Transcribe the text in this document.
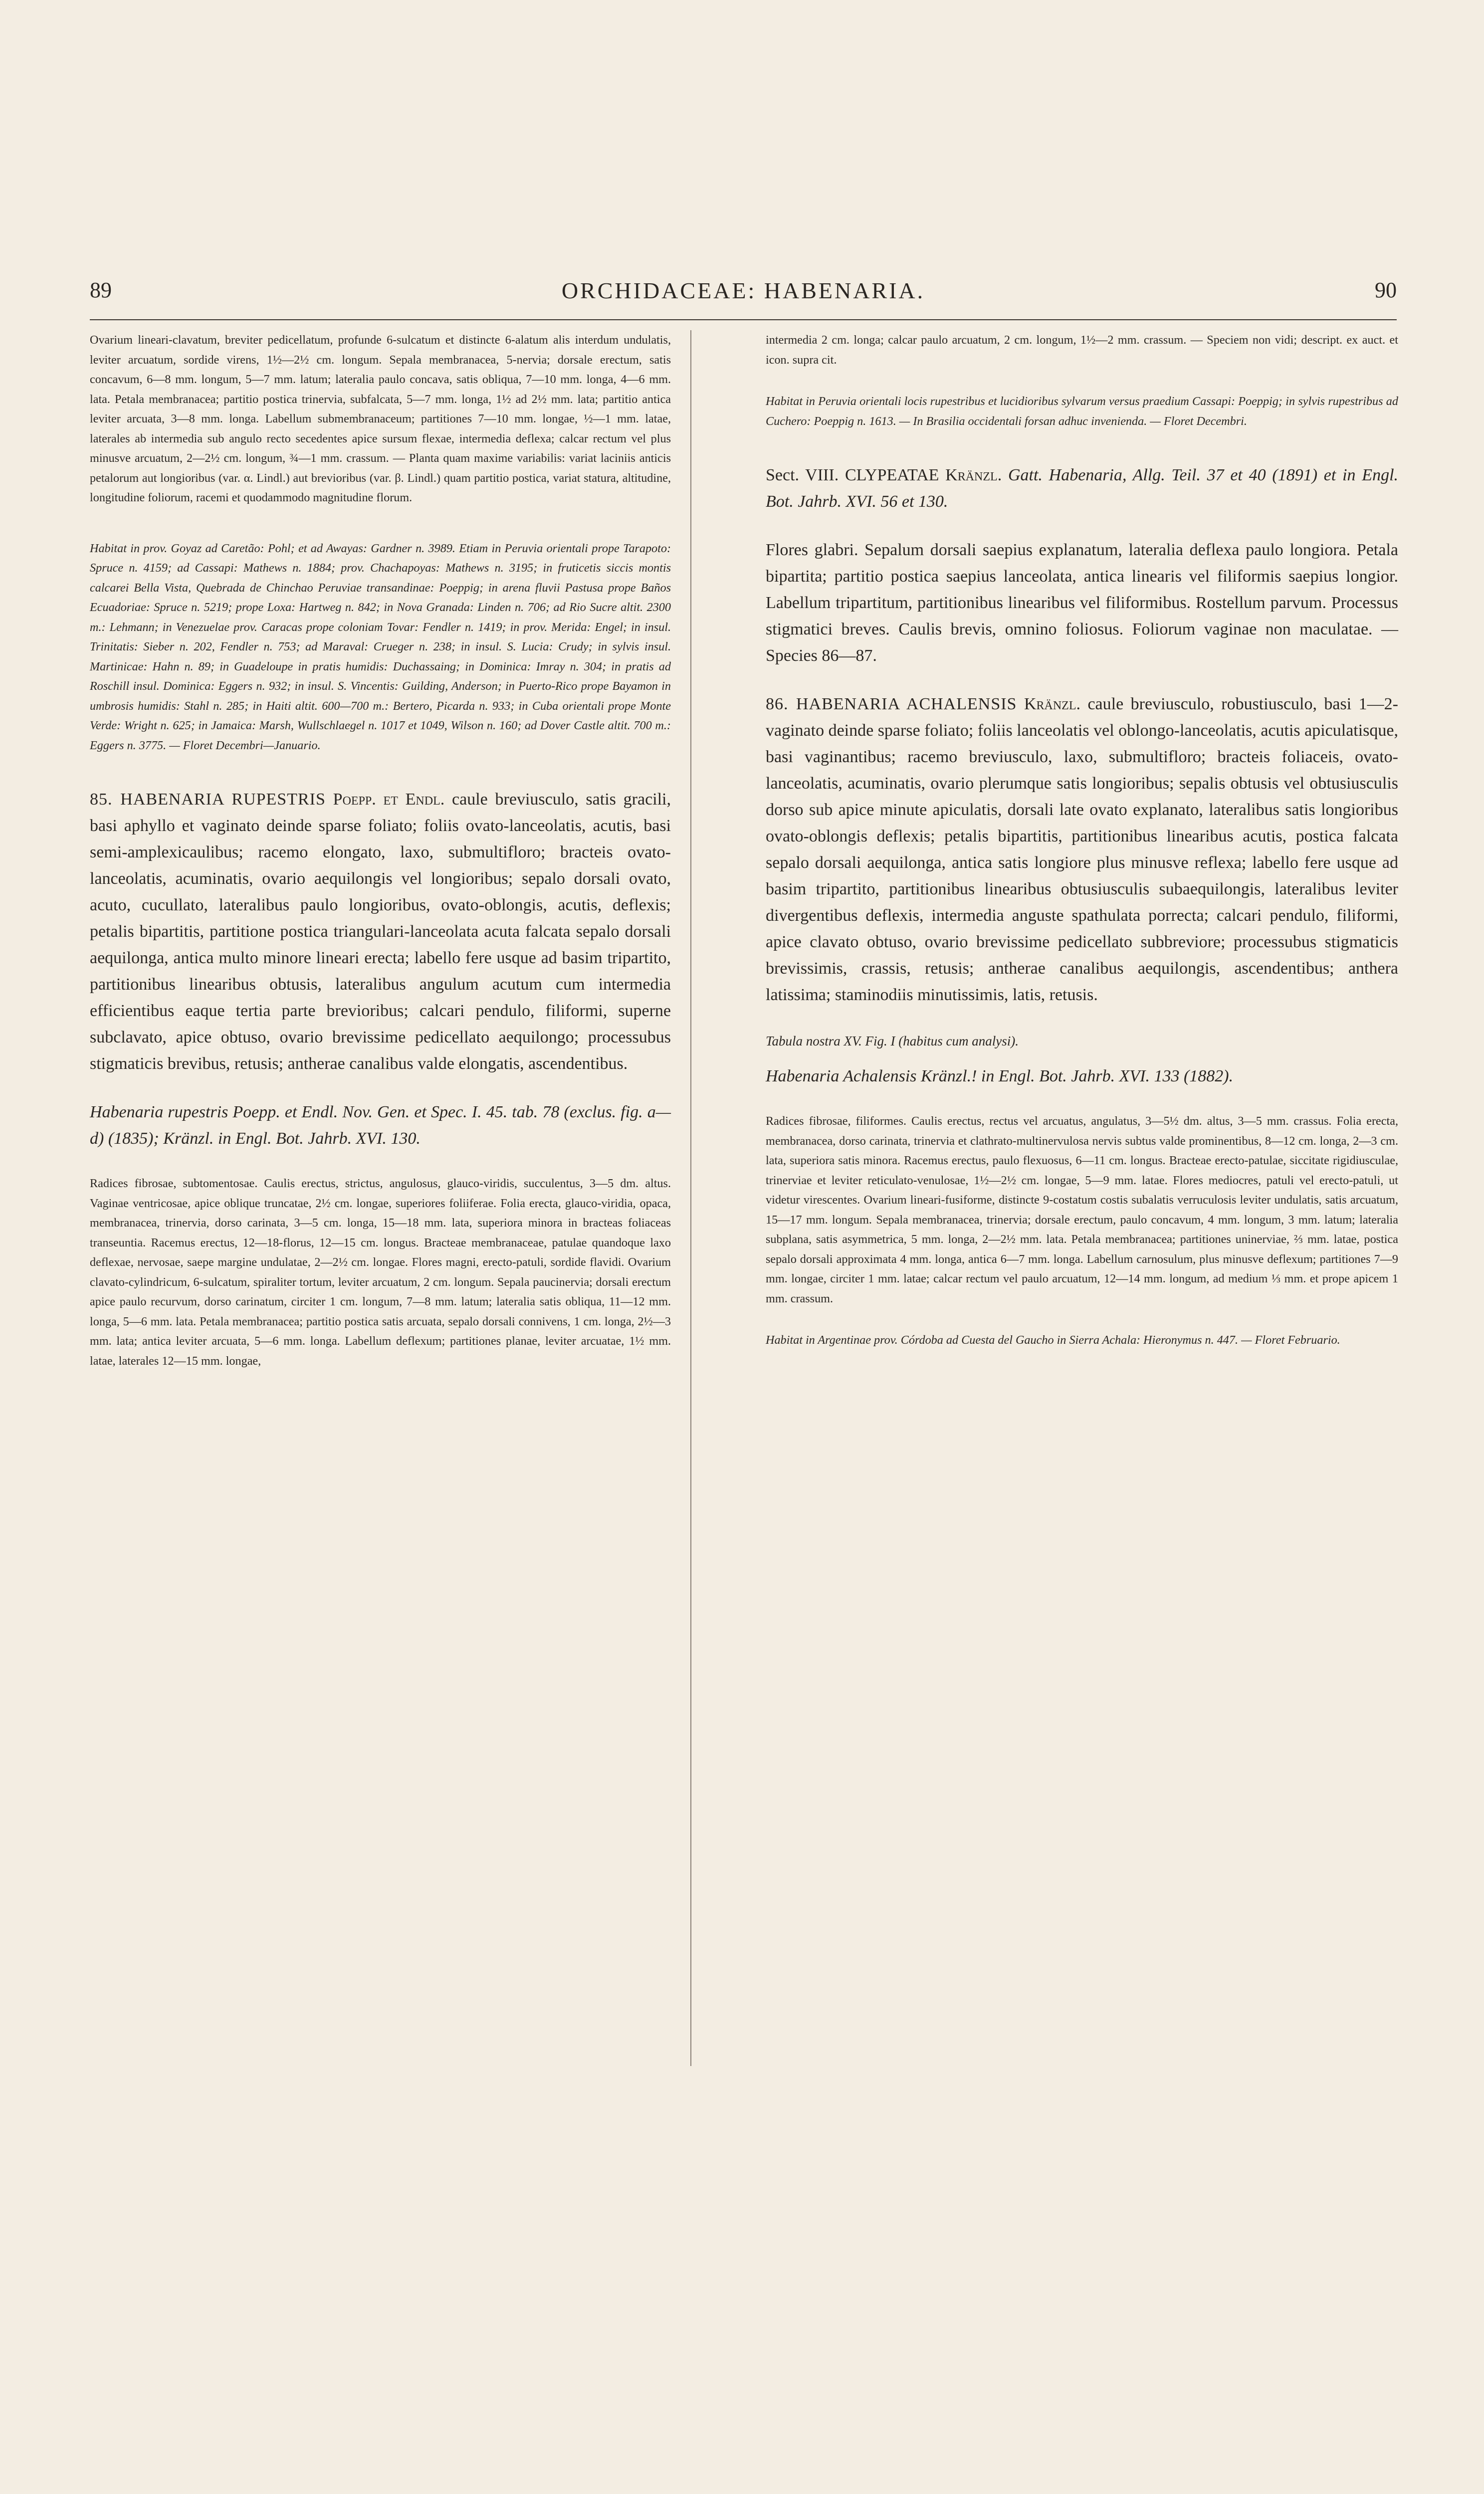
89	ORCHIDACEAE: HABENARIA.	90

Ovarium lineari-clavatum, breviter pedicellatum, profunde 6-sulcatum et distincte 6-alatum alis interdum undulatis, leviter arcuatum, sordide virens, 1½—2½ cm. longum. Sepala membranacea, 5-nervia; dorsale erectum, satis concavum, 6—8 mm. longum, 5—7 mm. latum; lateralia paulo concava, satis obliqua, 7—10 mm. longa, 4—6 mm. lata. Petala membranacea; partitio postica trinervia, subfalcata, 5—7 mm. longa, 1½ ad 2½ mm. lata; partitio antica leviter arcuata, 3—8 mm. longa. Labellum submembranaceum; partitiones 7—10 mm. longae, ½—1 mm. latae, laterales ab intermedia sub angulo recto secedentes apice sursum flexae, intermedia deflexa; calcar rectum vel plus minusve arcuatum, 2—2½ cm. longum, ¾—1 mm. crassum. — Planta quam maxime variabilis: variat laciniis anticis petalorum aut longioribus (var. α. Lindl.) aut brevioribus (var. β. Lindl.) quam partitio postica, variat statura, altitudine, longitudine foliorum, racemi et quodammodo magnitudine florum.

Habitat in prov. Goyaz ad Caretão: Pohl; et ad Awayas: Gardner n. 3989. Etiam in Peruvia orientali prope Tarapoto: Spruce n. 4159; ad Cassapi: Mathews n. 1884; prov. Chachapoyas: Mathews n. 3195; in fruticetis siccis montis calcarei Bella Vista, Quebrada de Chinchao Peruviae transandinae: Poeppig; in arena fluvii Pastusa prope Baños Ecuadoriae: Spruce n. 5219; prope Loxa: Hartweg n. 842; in Nova Granada: Linden n. 706; ad Rio Sucre altit. 2300 m.: Lehmann; in Venezuelae prov. Caracas prope coloniam Tovar: Fendler n. 1419; in prov. Merida: Engel; in insul. Trinitatis: Sieber n. 202, Fendler n. 753; ad Maraval: Crueger n. 238; in insul. S. Lucia: Crudy; in sylvis insul. Martinicae: Hahn n. 89; in Guadeloupe in pratis humidis: Duchassaing; in Dominica: Imray n. 304; in pratis ad Roschill insul. Dominica: Eggers n. 932; in insul. S. Vincentis: Guilding, Anderson; in Puerto-Rico prope Bayamon in umbrosis humidis: Stahl n. 285; in Haiti altit. 600—700 m.: Bertero, Picarda n. 933; in Cuba orientali prope Monte Verde: Wright n. 625; in Jamaica: Marsh, Wullschlaegel n. 1017 et 1049, Wilson n. 160; ad Dover Castle altit. 700 m.: Eggers n. 3775. — Floret Decembri—Januario.

85. HABENARIA RUPESTRIS Poepp. et Endl. caule breviusculo, satis gracili, basi aphyllo et vaginato deinde sparse foliato; foliis ovato-lanceolatis, acutis, basi semi-amplexicaulibus; racemo elongato, laxo, submultifloro; bracteis ovato-lanceolatis, acuminatis, ovario aequilongis vel longioribus; sepalo dorsali ovato, acuto, cucullato, lateralibus paulo longioribus, ovato-oblongis, acutis, deflexis; petalis bipartitis, partitione postica triangulari-lanceolata acuta falcata sepalo dorsali aequilonga, antica multo minore lineari erecta; labello fere usque ad basim tripartito, partitionibus linearibus obtusis, lateralibus angulum acutum cum intermedia efficientibus eaque tertia parte brevioribus; calcari pendulo, filiformi, superne subclavato, apice obtuso, ovario brevissime pedicellato aequilongo; processubus stigmaticis brevibus, retusis; antherae canalibus valde elongatis, ascendentibus.

Habenaria rupestris Poepp. et Endl. Nov. Gen. et Spec. I. 45. tab. 78 (exclus. fig. a—d) (1835); Kränzl. in Engl. Bot. Jahrb. XVI. 130.

Radices fibrosae, subtomentosae. Caulis erectus, strictus, angulosus, glauco-viridis, succulentus, 3—5 dm. altus. Vaginae ventricosae, apice oblique truncatae, 2½ cm. longae, superiores foliiferae. Folia erecta, glauco-viridia, opaca, membranacea, trinervia, dorso carinata, 3—5 cm. longa, 15—18 mm. lata, superiora minora in bracteas foliaceas transeuntia. Racemus erectus, 12—18-florus, 12—15 cm. longus. Bracteae membranaceae, patulae quandoque laxo deflexae, nervosae, saepe margine undulatae, 2—2½ cm. longae. Flores magni, erecto-patuli, sordide flavidi. Ovarium clavato-cylindricum, 6-sulcatum, spiraliter tortum, leviter arcuatum, 2 cm. longum. Sepala paucinervia; dorsali erectum apice paulo recurvum, dorso carinatum, circiter 1 cm. longum, 7—8 mm. latum; lateralia satis obliqua, 11—12 mm. longa, 5—6 mm. lata. Petala membranacea; partitio postica satis arcuata, sepalo dorsali connivens, 1 cm. longa, 2½—3 mm. lata; antica leviter arcuata, 5—6 mm. longa. Labellum deflexum; partitiones planae, leviter arcuatae, 1½ mm. latae, laterales 12—15 mm. longae,

intermedia 2 cm. longa; calcar paulo arcuatum, 2 cm. longum, 1½—2 mm. crassum. — Speciem non vidi; descript. ex auct. et icon. supra cit.

Habitat in Peruvia orientali locis rupestribus et lucidioribus sylvarum versus praedium Cassapi: Poeppig; in sylvis rupestribus ad Cuchero: Poeppig n. 1613. — In Brasilia occidentali forsan adhuc invenienda. — Floret Decembri.

Sect. VIII. CLYPEATAE Kränzl. Gatt. Habenaria, Allg. Teil. 37 et 40 (1891) et in Engl. Bot. Jahrb. XVI. 56 et 130.

Flores glabri. Sepalum dorsali saepius explanatum, lateralia deflexa paulo longiora. Petala bipartita; partitio postica saepius lanceolata, antica linearis vel filiformis saepius longior. Labellum tripartitum, partitionibus linearibus vel filiformibus. Rostellum parvum. Processus stigmatici breves. Caulis brevis, omnino foliosus. Foliorum vaginae non maculatae. — Species 86—87.

86. HABENARIA ACHALENSIS Kränzl. caule breviusculo, robustiusculo, basi 1—2-vaginato deinde sparse foliato; foliis lanceolatis vel oblongo-lanceolatis, acutis apiculatisque, basi vaginantibus; racemo breviusculo, laxo, submultifloro; bracteis foliaceis, ovato-lanceolatis, acuminatis, ovario plerumque satis longioribus; sepalis obtusis vel obtusiusculis dorso sub apice minute apiculatis, dorsali late ovato explanato, lateralibus satis longioribus ovato-oblongis deflexis; petalis bipartitis, partitionibus linearibus acutis, postica falcata sepalo dorsali aequilonga, antica satis longiore plus minusve reflexa; labello fere usque ad basim tripartito, partitionibus linearibus obtusiusculis subaequilongis, lateralibus leviter divergentibus deflexis, intermedia anguste spathulata porrecta; calcari pendulo, filiformi, apice clavato obtuso, ovario brevissime pedicellato subbreviore; processubus stigmaticis brevissimis, crassis, retusis; antherae canalibus aequilongis, ascendentibus; anthera latissima; staminodiis minutissimis, latis, retusis.

Tabula nostra XV. Fig. I (habitus cum analysi).

Habenaria Achalensis Kränzl.! in Engl. Bot. Jahrb. XVI. 133 (1882).

Radices fibrosae, filiformes. Caulis erectus, rectus vel arcuatus, angulatus, 3—5½ dm. altus, 3—5 mm. crassus. Folia erecta, membranacea, dorso carinata, trinervia et clathrato-multinervulosa nervis subtus valde prominentibus, 8—12 cm. longa, 2—3 cm. lata, superiora satis minora. Racemus erectus, paulo flexuosus, 6—11 cm. longus. Bracteae erecto-patulae, siccitate rigidiusculae, trinerviae et leviter reticulato-venulosae, 1½—2½ cm. longae, 5—9 mm. latae. Flores mediocres, patuli vel erecto-patuli, ut videtur virescentes. Ovarium lineari-fusiforme, distincte 9-costatum costis subalatis verruculosis leviter undulatis, satis arcuatum, 15—17 mm. longum. Sepala membranacea, trinervia; dorsale erectum, paulo concavum, 4 mm. longum, 3 mm. latum; lateralia subplana, satis asymmetrica, 5 mm. longa, 2—2½ mm. lata. Petala membranacea; partitiones uninerviae, ⅔ mm. latae, postica sepalo dorsali approximata 4 mm. longa, antica 6—7 mm. longa. Labellum carnosulum, plus minusve deflexum; partitiones 7—9 mm. longae, circiter 1 mm. latae; calcar rectum vel paulo arcuatum, 12—14 mm. longum, ad medium ⅓ mm. et prope apicem 1 mm. crassum.

Habitat in Argentinae prov. Córdoba ad Cuesta del Gaucho in Sierra Achala: Hieronymus n. 447. — Floret Februario.
